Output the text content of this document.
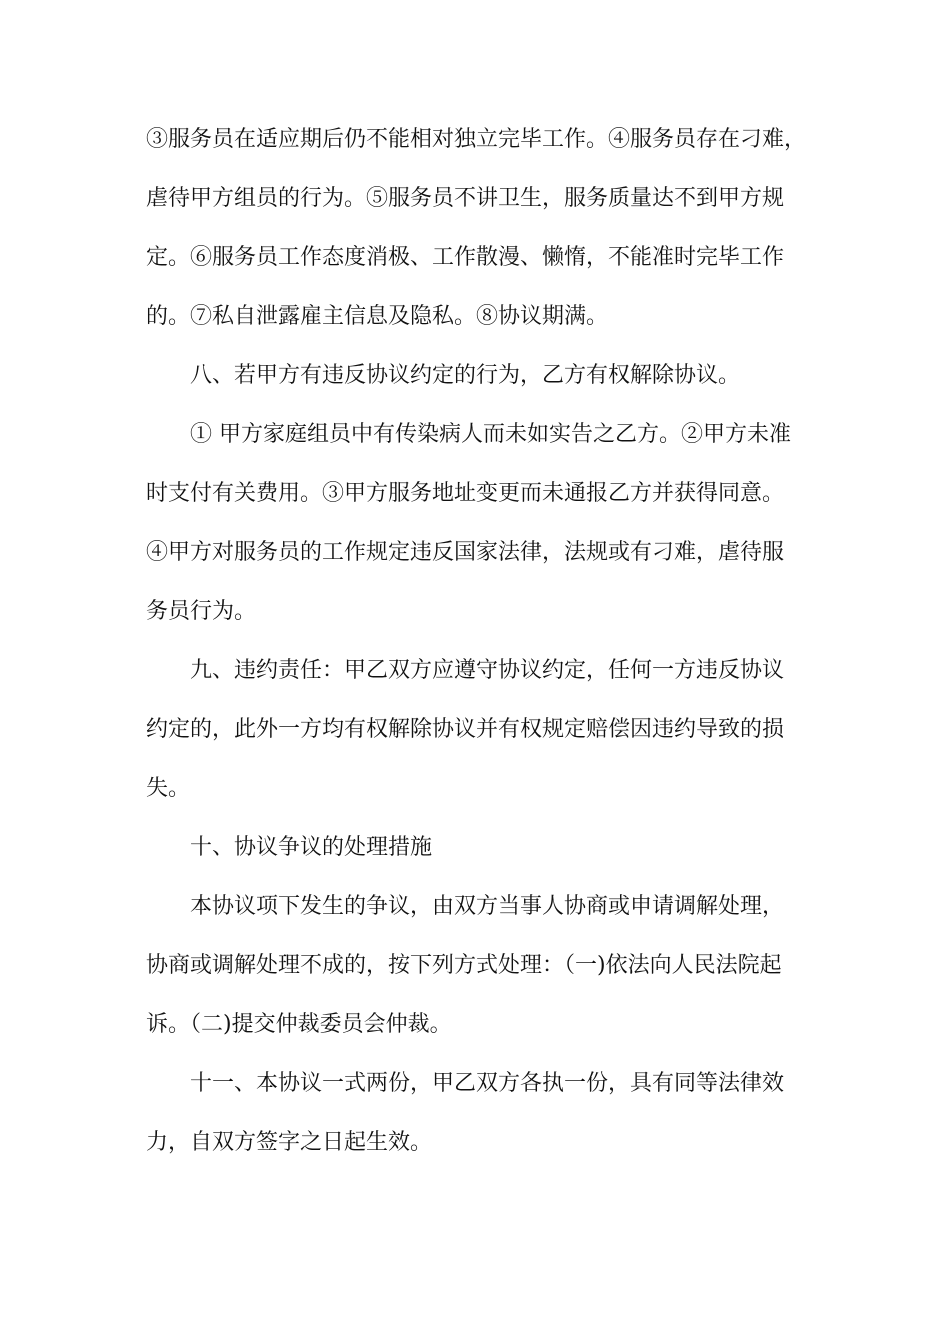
③服务员在适应期后仍不能相对独立完毕工作。④服务员存在刁难，
虐待甲方组员的行为。⑤服务员不讲卫生，服务质量达不到甲方规
定。⑥服务员工作态度消极、工作散漫、懒惰，不能准时完毕工作
的。⑦私自泄露雇主信息及隐私。⑧协议期满。
八、若甲方有违反协议约定的行为，乙方有权解除协议。
① 甲方家庭组员中有传染病人而未如实告之乙方。②甲方未准
时支付有关费用。③甲方服务地址变更而未通报乙方并获得同意。
④甲方对服务员的工作规定违反国家法律，法规或有刁难，虐待服
务员行为。
九、违约责任：甲乙双方应遵守协议约定，任何一方违反协议
约定的，此外一方均有权解除协议并有权规定赔偿因违约导致的损
失。
十、协议争议的处理措施
本协议项下发生的争议，由双方当事人协商或申请调解处理，
协商或调解处理不成的，按下列方式处理：（一)依法向人民法院起
诉。（二)提交仲裁委员会仲裁。
十一、本协议一式两份，甲乙双方各执一份，具有同等法律效
力，自双方签字之日起生效。
